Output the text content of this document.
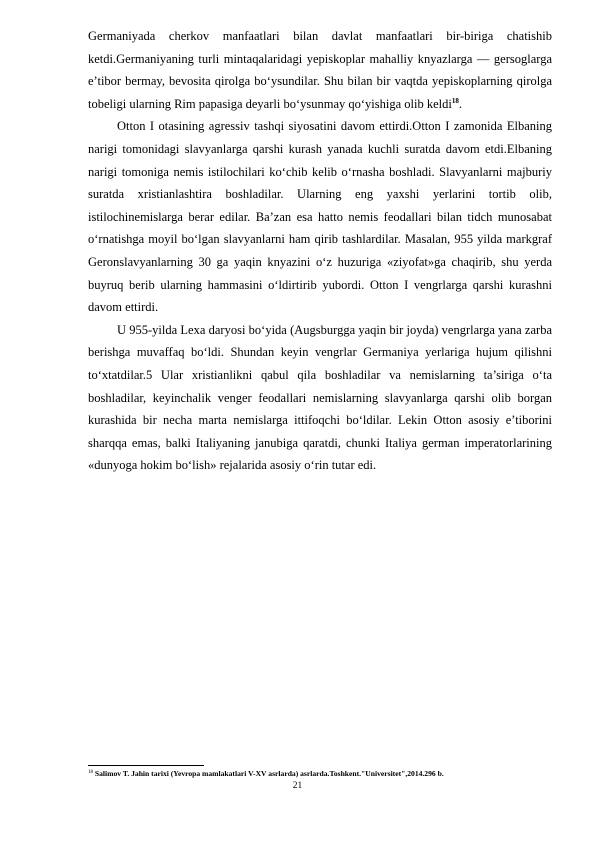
Germaniyada cherkov manfaatlari bilan davlat manfaatlari bir-biriga chatishib ketdi.Germaniyaning turli mintaqalaridagi yepiskoplar mahalliy knyazlarga — gersoglarga e’tibor bermay, bevosita qirolga bo‘ysundilar. Shu bilan bir vaqtda yepiskoplarning qirolga tobeligi ularning Rim papasiga deyarli bo‘ysunmay qo‘yishiga olib keldi$^{18}$.

Otton I otasining agressiv tashqi siyosatini davom ettirdi.Otton I zamonida Elbaning narigi tomonidagi slavyanlarga qarshi kurash yanada kuchli suratda davom etdi.Elbaning narigi tomoniga nemis istilochilari ko‘chib kelib o‘rnasha boshladi. Slavyanlarni majburiy suratda xristianlashtira boshladilar. Ularning eng yaxshi yerlarini tortib olib, istilochinemislarga berar edilar. Ba’zan esa hatto nemis feodallari bilan tidch munosabat o‘rnatishga moyil bo‘lgan slavyanlarni ham qirib tashlardilar. Masalan, 955 yilda markgraf Geronslavyanlarning 30 ga yaqin knyazini o‘z huzuriga «ziyofat»ga chaqirib, shu yerda buyruq berib ularning hammasini o‘ldirtirib yubordi. Otton I vengrlarga qarshi kurashni davom ettirdi.

U 955-yilda Lexa daryosi bo‘yida (Augsburgga yaqin bir joyda) vengrlarga yana zarba berishga muvaffaq bo‘ldi. Shundan keyin vengrlar Germaniya yerlariga hujum qilishni to‘xtatdilar.5 Ular xristianlikni qabul qila boshladilar va nemislarning ta’siriga o‘ta boshladilar, keyinchalik venger feodallari nemislarning slavyanlarga qarshi olib borgan kurashida bir necha marta nemislarga ittifoqchi bo‘ldilar. Lekin Otton asosiy e’tiborini sharqqa emas, balki Italiyaning janubiga qaratdi, chunki Italiya german imperatorlarining «dunyoga hokim bo‘lish» rejalarida asosiy o‘rin tutar edi.

$^{18}$ Salimov T. Jahin tarixi (Yevropa mamlakatlari V-XV asrlarda) asrlarda.Toshkent."Universitet",2014.296 b.
21
